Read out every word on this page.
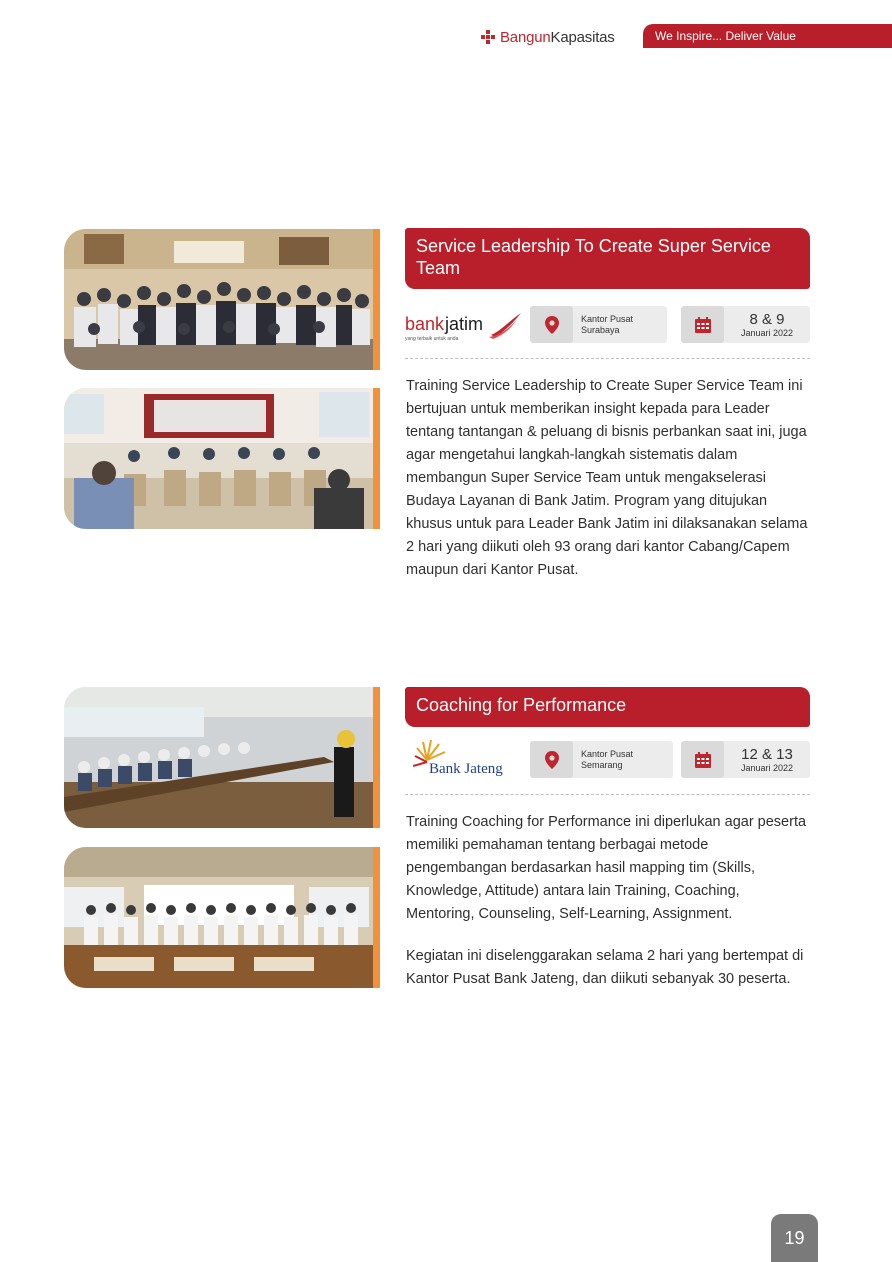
BangunKapasitas	We Inspire... Deliver Value
Service Leadership To Create Super Service Team
bank jatim
yang terbaik untuk anda
Kantor Pusat
Surabaya
8 & 9
Januari 2022

Training Service Leadership to Create Super Service Team ini bertujuan untuk memberikan insight kepada para Leader tentang tantangan & peluang di bisnis perbankan saat ini, juga agar mengetahui langkah-langkah sistematis dalam membangun Super Service Team untuk mengakselerasi Budaya Layanan di Bank Jatim. Program yang ditujukan khusus untuk para Leader Bank Jatim ini dilaksanakan selama 2 hari yang diikuti oleh 93 orang dari kantor Cabang/Capem maupun dari Kantor Pusat.

Coaching for Performance
Bank Jateng
Kantor Pusat
Semarang
12 & 13
Januari 2022

Training Coaching for Performance ini diperlukan agar peserta memiliki pemahaman tentang berbagai metode pengembangan berdasarkan hasil mapping tim (Skills, Knowledge, Attitude) antara lain Training, Coaching, Mentoring, Counseling, Self-Learning, Assignment.

Kegiatan ini diselenggarakan selama 2 hari yang bertempat di Kantor Pusat Bank Jateng, dan diikuti sebanyak 30 peserta.

19
